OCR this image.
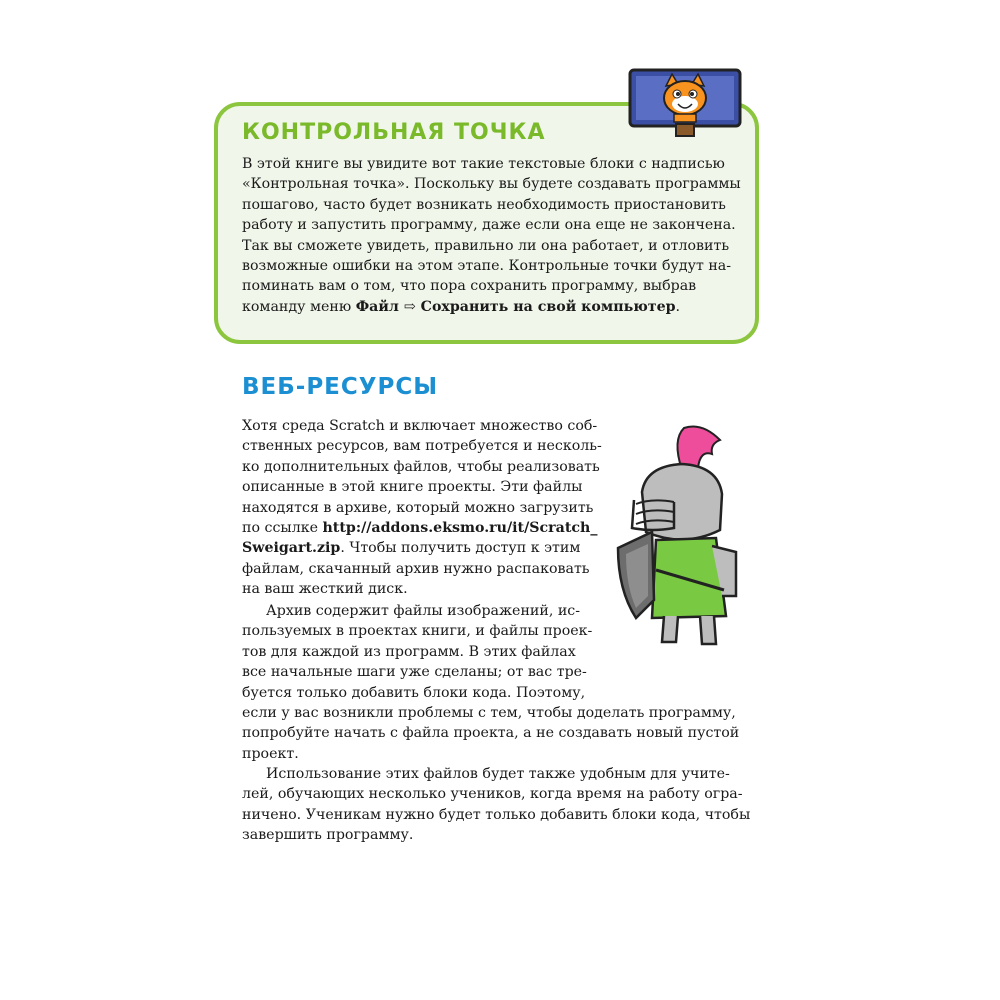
КОНТРОЛЬНАЯ ТОЧКА
В этой книге вы увидите вот такие текстовые блоки с надписью
«Контрольная точка». Поскольку вы будете создавать программы
пошагово, часто будет возникать необходимость приостановить
работу и запустить программу, даже если она еще не закончена.
Так вы сможете увидеть, правильно ли она работает, и отловить
возможные ошибки на этом этапе. Контрольные точки будут на-
поминать вам о том, что пора сохранить программу, выбрав
команду меню Файл ⇨ Сохранить на свой компьютер.
ВЕБ-РЕСУРСЫ
Хотя среда Scratch и включает множество соб-
ственных ресурсов, вам потребуется и несколь-
ко дополнительных файлов, чтобы реализовать
описанные в этой книге проекты. Эти файлы
находятся в архиве, который можно загрузить
по ссылке http://addons.eksmo.ru/it/Scratch_
Sweigart.zip. Чтобы получить доступ к этим
файлам, скачанный архив нужно распаковать
на ваш жесткий диск.
Архив содержит файлы изображений, ис-
пользуемых в проектах книги, и файлы проек-
тов для каждой из программ. В этих файлах
все начальные шаги уже сделаны; от вас тре-
буется только добавить блоки кода. Поэтому,
если у вас возникли проблемы с тем, чтобы доделать программу,
попробуйте начать с файла проекта, а не создавать новый пустой
проект.
Использование этих файлов будет также удобным для учите-
лей, обучающих несколько учеников, когда время на работу огра-
ничено. Ученикам нужно будет только добавить блоки кода, чтобы
завершить программу.
